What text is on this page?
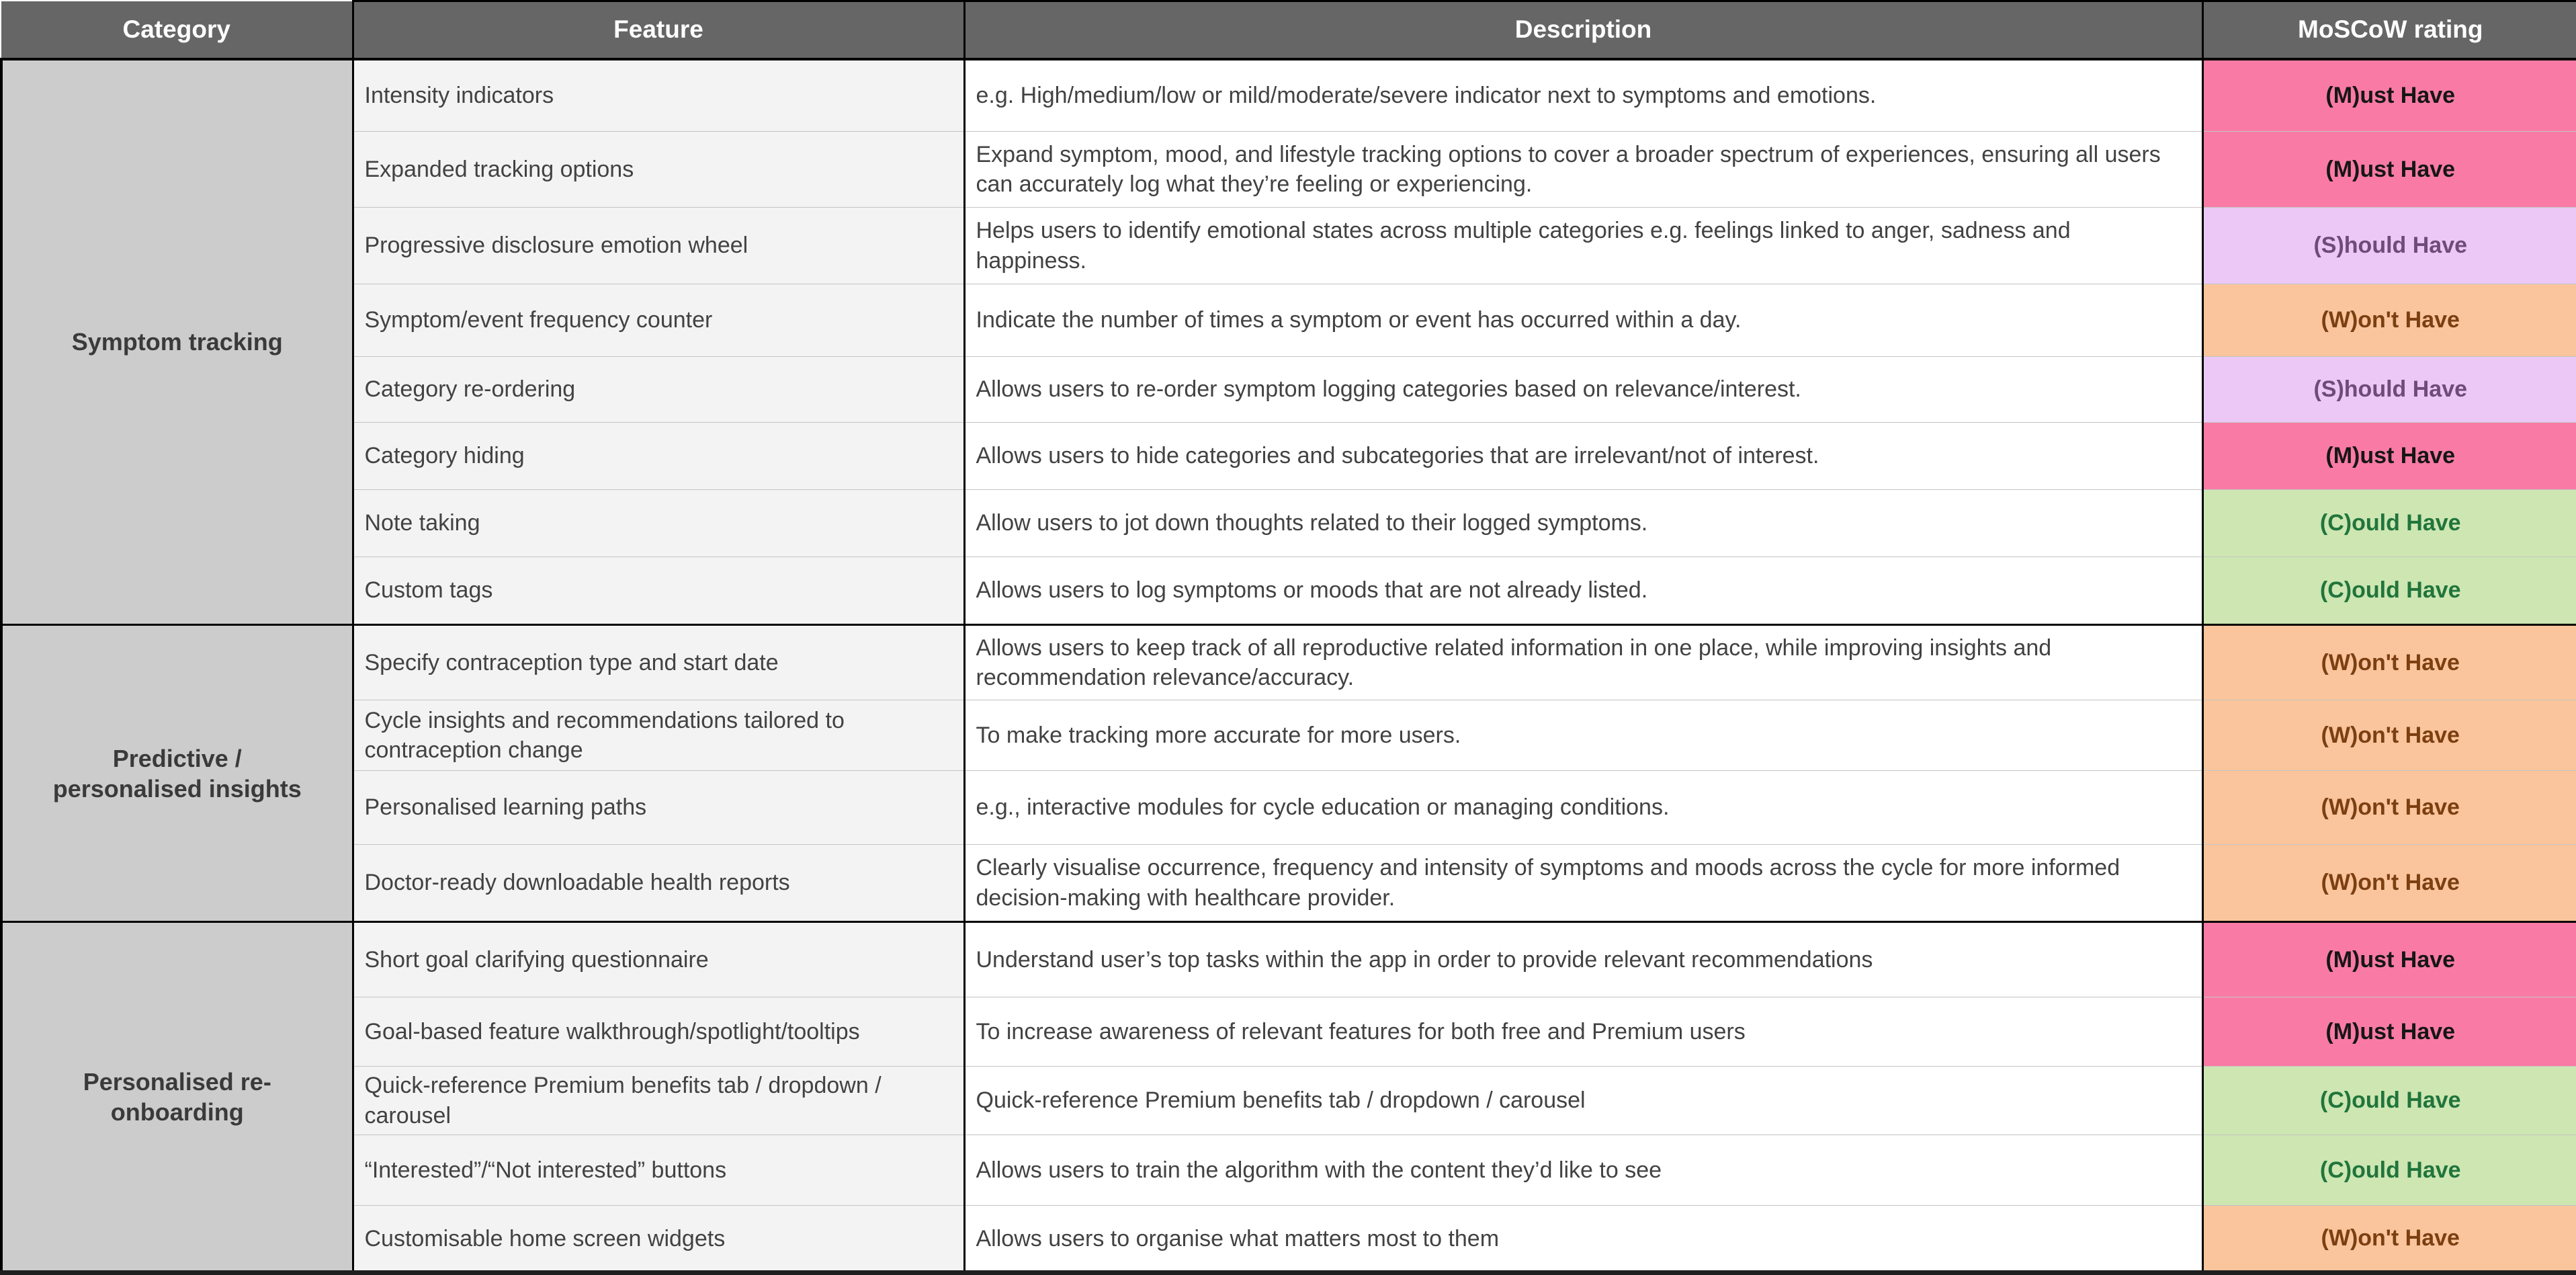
Category	Feature	Description	MoSCoW rating
Symptom tracking	Intensity indicators	e.g. High/medium/low or mild/moderate/severe indicator next to symptoms and emotions.	(M)ust Have
	Expanded tracking options	Expand symptom, mood, and lifestyle tracking options to cover a broader spectrum of experiences, ensuring all users can accurately log what they’re feeling or experiencing.	(M)ust Have
	Progressive disclosure emotion wheel	Helps users to identify emotional states across multiple categories e.g. feelings linked to anger, sadness and happiness.	(S)hould Have
	Symptom/event frequency counter	Indicate the number of times a symptom or event has occurred within a day.	(W)on't Have
	Category re-ordering	Allows users to re-order symptom logging categories based on relevance/interest.	(S)hould Have
	Category hiding	Allows users to hide categories and subcategories that are irrelevant/not of interest.	(M)ust Have
	Note taking	Allow users to jot down thoughts related to their logged symptoms.	(C)ould Have
	Custom tags	Allows users to log symptoms or moods that are not already listed.	(C)ould Have
Predictive / personalised insights	Specify contraception type and start date	Allows users to keep track of all reproductive related information in one place, while improving insights and recommendation relevance/accuracy.	(W)on't Have
	Cycle insights and recommendations tailored to contraception change	To make tracking more accurate for more users.	(W)on't Have
	Personalised learning paths	e.g., interactive modules for cycle education or managing conditions.	(W)on't Have
	Doctor-ready downloadable health reports	Clearly visualise occurrence, frequency and intensity of symptoms and moods across the cycle for more informed decision-making with healthcare provider.	(W)on't Have
Personalised re-onboarding	Short goal clarifying questionnaire	Understand user’s top tasks within the app in order to provide relevant recommendations	(M)ust Have
	Goal-based feature walkthrough/spotlight/tooltips	To increase awareness of relevant features for both free and Premium users	(M)ust Have
	Quick-reference Premium benefits tab / dropdown / carousel	Quick-reference Premium benefits tab / dropdown / carousel	(C)ould Have
	“Interested”/“Not interested” buttons	Allows users to train the algorithm with the content they’d like to see	(C)ould Have
	Customisable home screen widgets	Allows users to organise what matters most to them	(W)on't Have
